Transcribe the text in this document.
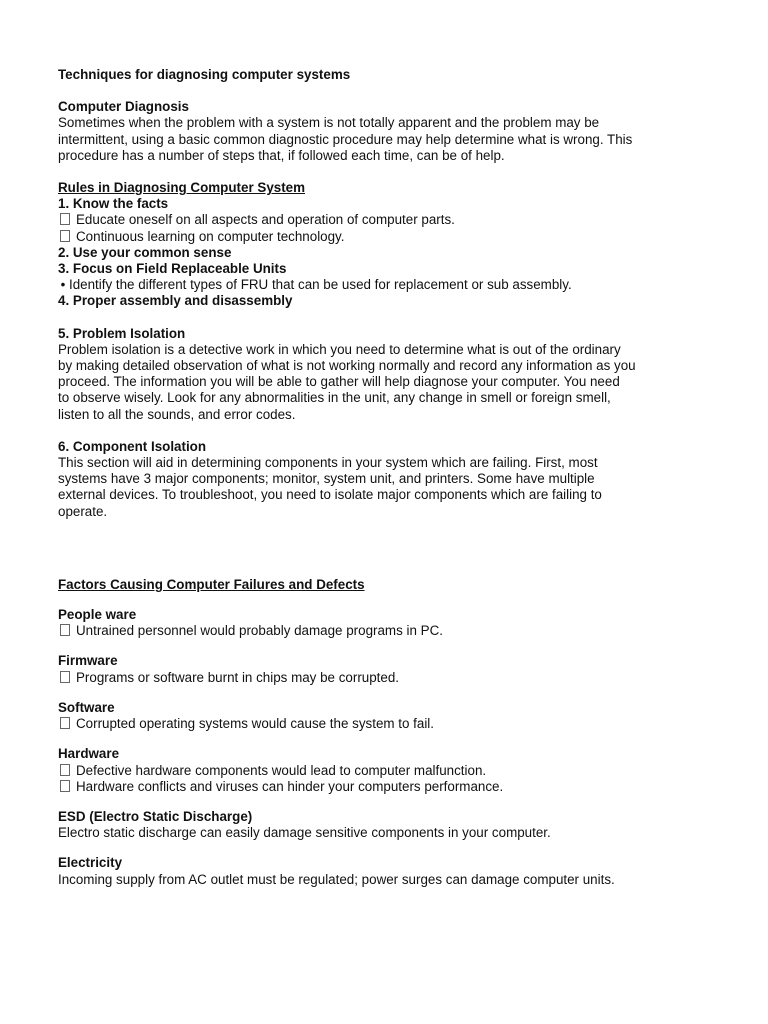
Techniques for diagnosing computer systems
Computer Diagnosis
Sometimes when the problem with a system is not totally apparent and the problem may be
intermittent, using a basic common diagnostic procedure may help determine what is wrong. This
procedure has a number of steps that, if followed each time, can be of help.
Rules in Diagnosing Computer System
1. Know the facts
Educate oneself on all aspects and operation of computer parts.
Continuous learning on computer technology.
2. Use your common sense
3. Focus on Field Replaceable Units
• Identify the different types of FRU that can be used for replacement or sub assembly.
4. Proper assembly and disassembly
5. Problem Isolation
Problem isolation is a detective work in which you need to determine what is out of the ordinary
by making detailed observation of what is not working normally and record any information as you
proceed. The information you will be able to gather will help diagnose your computer. You need
to observe wisely. Look for any abnormalities in the unit, any change in smell or foreign smell,
listen to all the sounds, and error codes.
6. Component Isolation
This section will aid in determining components in your system which are failing. First, most
systems have 3 major components; monitor, system unit, and printers. Some have multiple
external devices. To troubleshoot, you need to isolate major components which are failing to
operate.
Factors Causing Computer Failures and Defects
People ware
Untrained personnel would probably damage programs in PC.
Firmware
Programs or software burnt in chips may be corrupted.
Software
Corrupted operating systems would cause the system to fail.
Hardware
Defective hardware components would lead to computer malfunction.
Hardware conflicts and viruses can hinder your computers performance.
ESD (Electro Static Discharge)
Electro static discharge can easily damage sensitive components in your computer.
Electricity
Incoming supply from AC outlet must be regulated; power surges can damage computer units.
